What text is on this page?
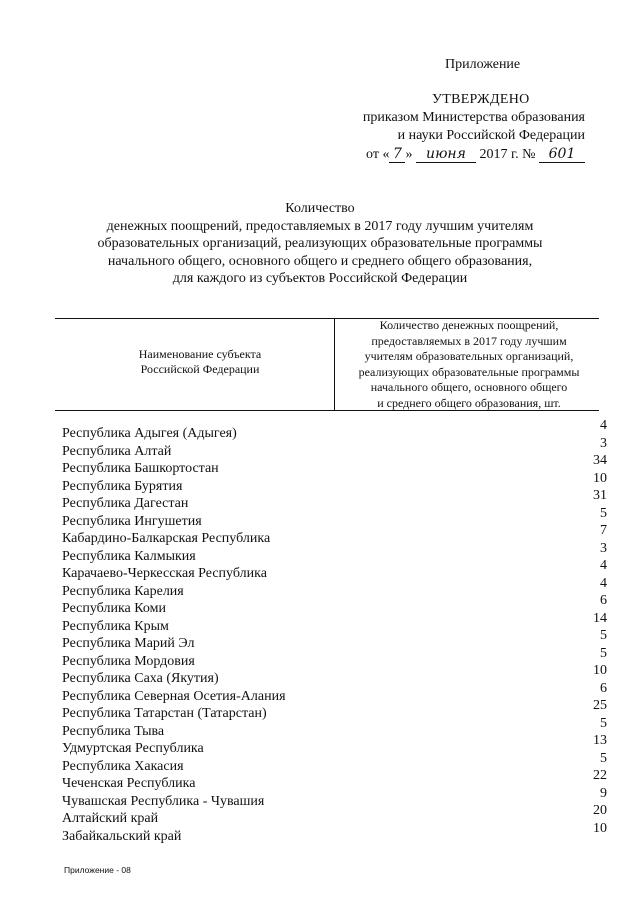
Приложение
УТВЕРЖДЕНО
приказом Министерства образования
и науки Российской Федерации
от « 7 » июня 2017 г. № 601
Количество
денежных поощрений, предоставляемых в 2017 году лучшим учителям
образовательных организаций, реализующих образовательные программы
начального общего, основного общего и среднего общего образования,
для каждого из субъектов Российской Федерации
Наименование субъекта
Российской Федерации
Количество денежных поощрений,
предоставляемых в 2017 году лучшим
учителям образовательных организаций,
реализующих образовательные программы
начального общего, основного общего
и среднего общего образования, шт.
Республика Адыгея (Адыгея)
4
Республика Алтай
3
Республика Башкортостан
34
Республика Бурятия
10
Республика Дагестан
31
Республика Ингушетия
5
Кабардино-Балкарская Республика
7
Республика Калмыкия
3
Карачаево-Черкесская Республика
4
Республика Карелия
4
Республика Коми
6
Республика Крым
14
Республика Марий Эл
5
Республика Мордовия
5
Республика Саха (Якутия)
10
Республика Северная Осетия-Алания
6
Республика Татарстан (Татарстан)
25
Республика Тыва
5
Удмуртская Республика
13
Республика Хакасия
5
Чеченская Республика
22
Чувашская Республика - Чувашия
9
Алтайский край
20
Забайкальский край
10
Приложение - 08
